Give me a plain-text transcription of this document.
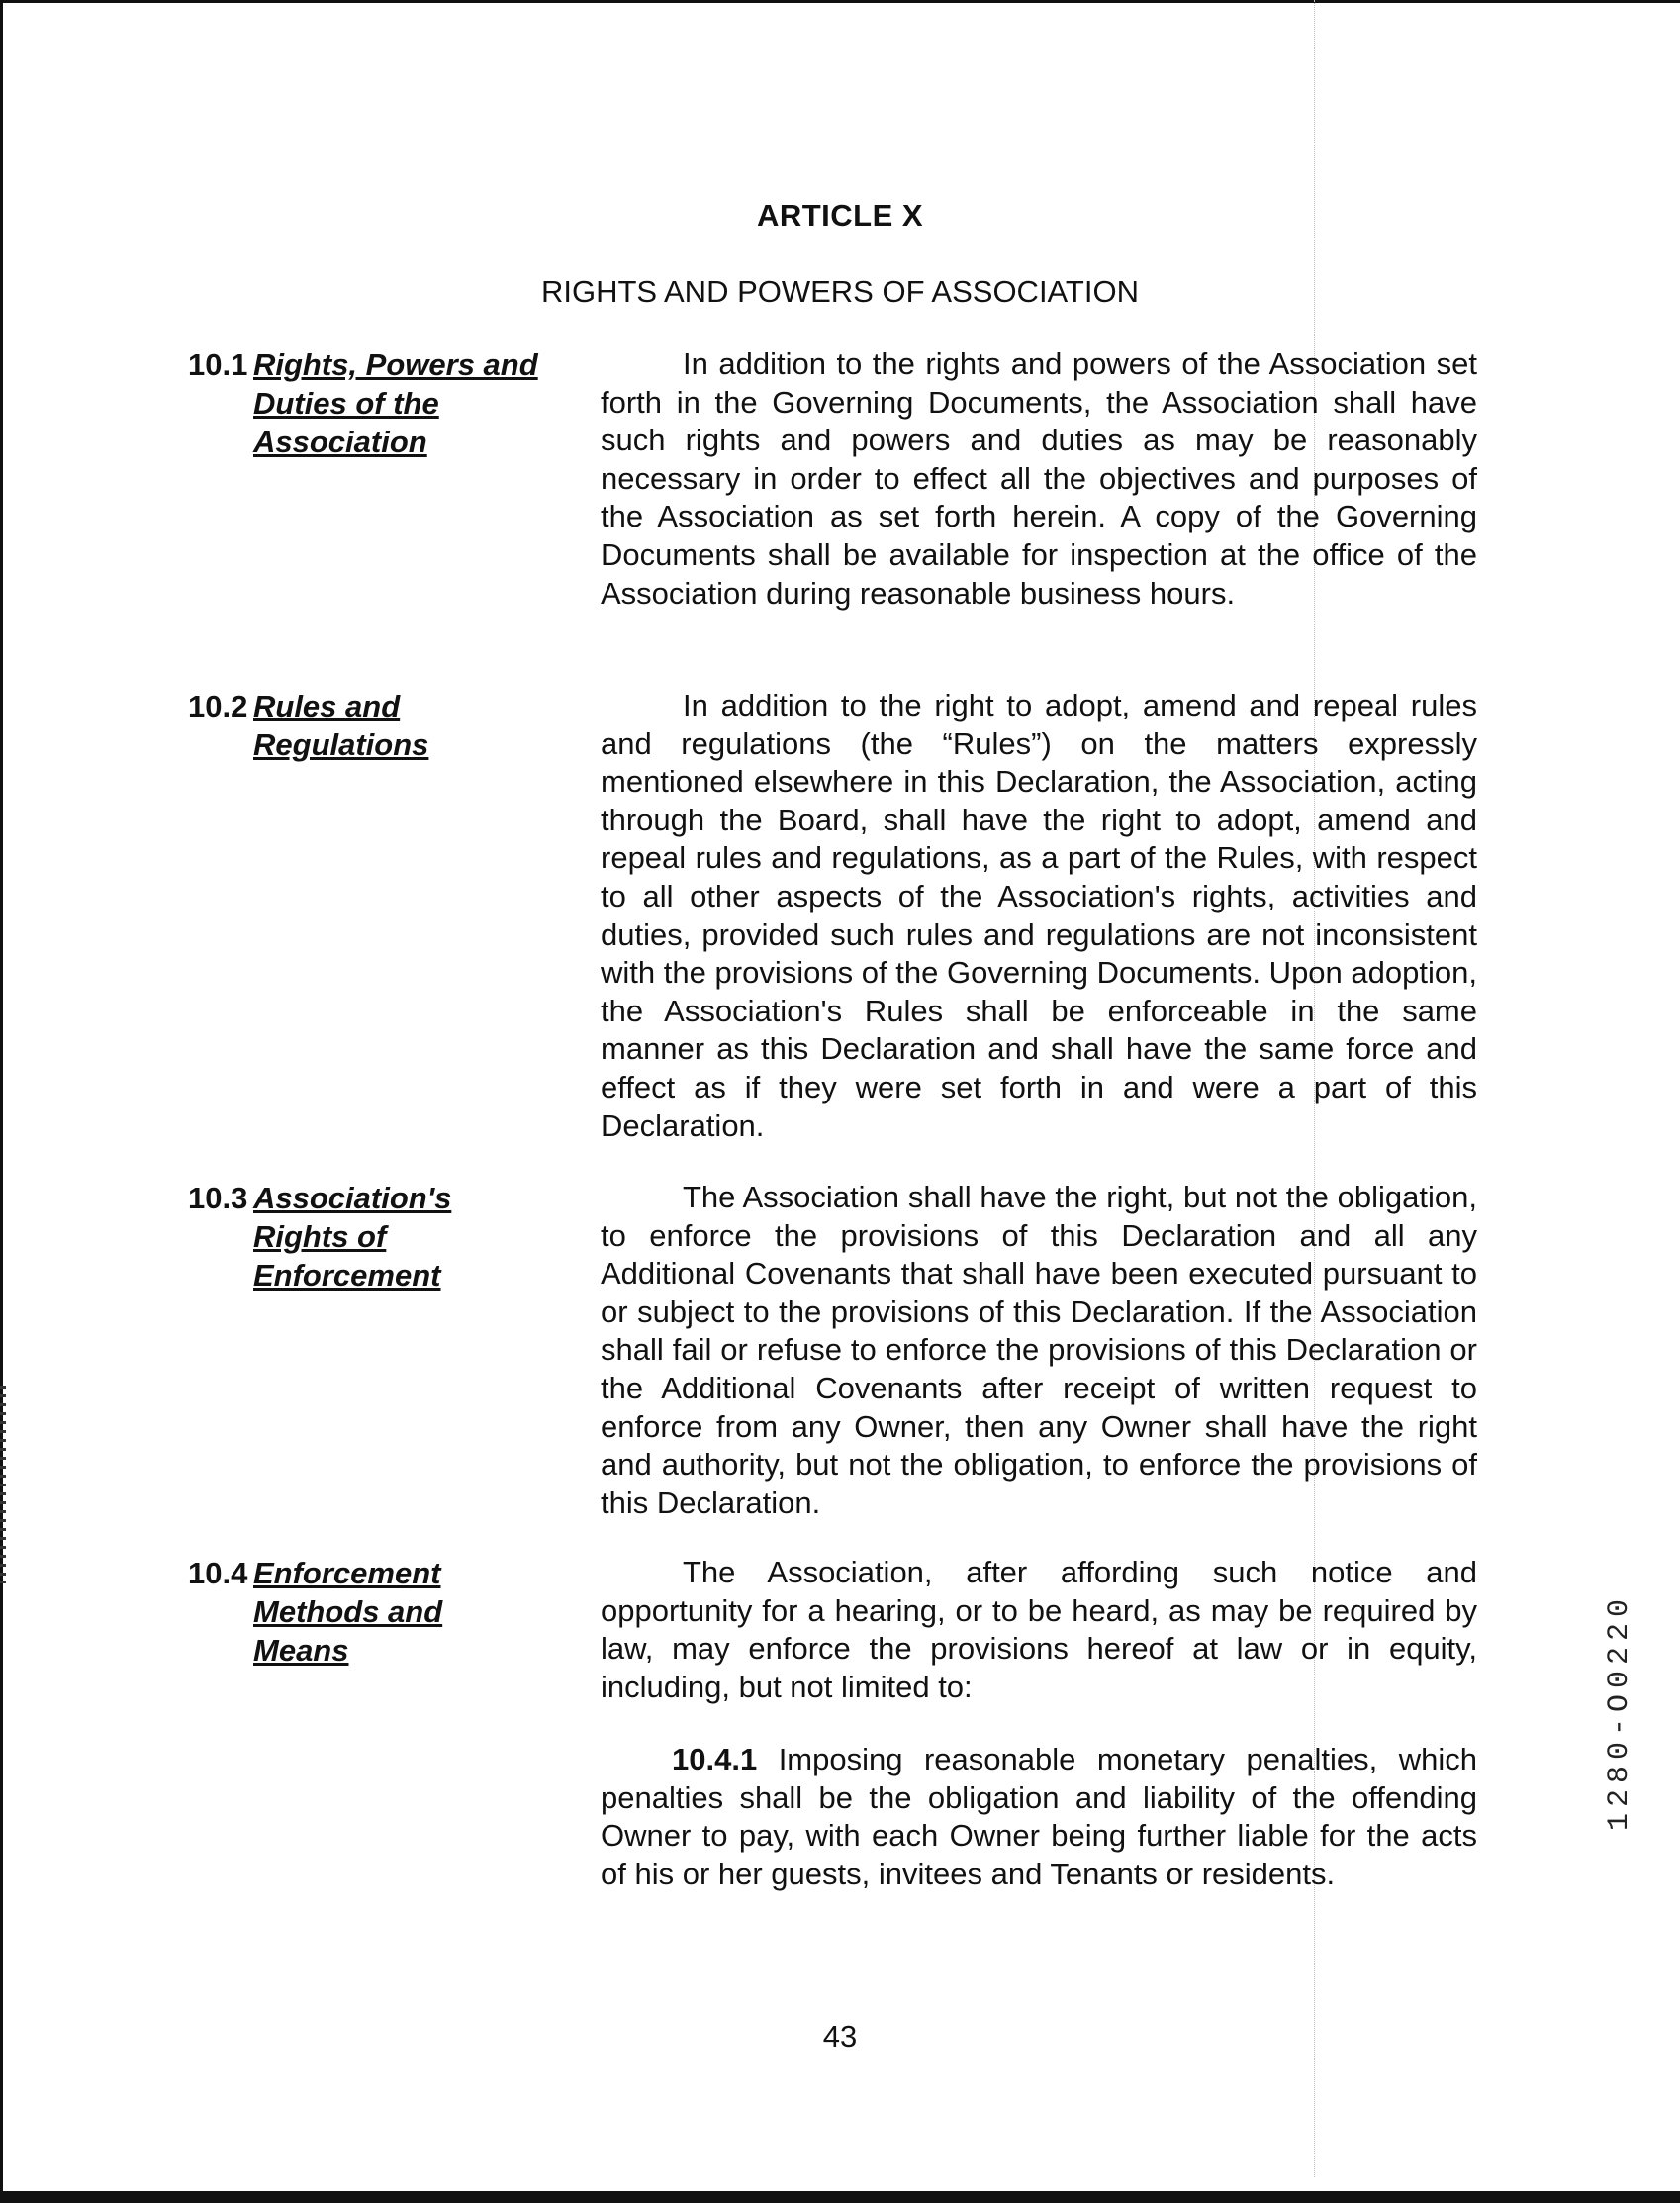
ARTICLE X
RIGHTS AND POWERS OF ASSOCIATION
10.1 Rights, Powers and Duties of the Association
In addition to the rights and powers of the Association set forth in the Governing Documents, the Association shall have such rights and powers and duties as may be reasonably necessary in order to effect all the objectives and purposes of the Association as set forth herein. A copy of the Governing Documents shall be available for inspection at the office of the Association during reasonable business hours.
10.2 Rules and Regulations
In addition to the right to adopt, amend and repeal rules and regulations (the “Rules”) on the matters expressly mentioned elsewhere in this Declaration, the Association, acting through the Board, shall have the right to adopt, amend and repeal rules and regulations, as a part of the Rules, with respect to all other aspects of the Association's rights, activities and duties, provided such rules and regulations are not inconsistent with the provisions of the Governing Documents. Upon adoption, the Association's Rules shall be enforceable in the same manner as this Declaration and shall have the same force and effect as if they were set forth in and were a part of this Declaration.
10.3 Association's Rights of Enforcement
The Association shall have the right, but not the obligation, to enforce the provisions of this Declaration and all any Additional Covenants that shall have been executed pursuant to or subject to the provisions of this Declaration. If the Association shall fail or refuse to enforce the provisions of this Declaration or the Additional Covenants after receipt of written request to enforce from any Owner, then any Owner shall have the right and authority, but not the obligation, to enforce the provisions of this Declaration.
10.4 Enforcement Methods and Means
The Association, after affording such notice and opportunity for a hearing, or to be heard, as may be required by law, may enforce the provisions hereof at law or in equity, including, but not limited to:
10.4.1 Imposing reasonable monetary penalties, which penalties shall be the obligation and liability of the offending Owner to pay, with each Owner being further liable for the acts of his or her guests, invitees and Tenants or residents.
43
1280-O0220
